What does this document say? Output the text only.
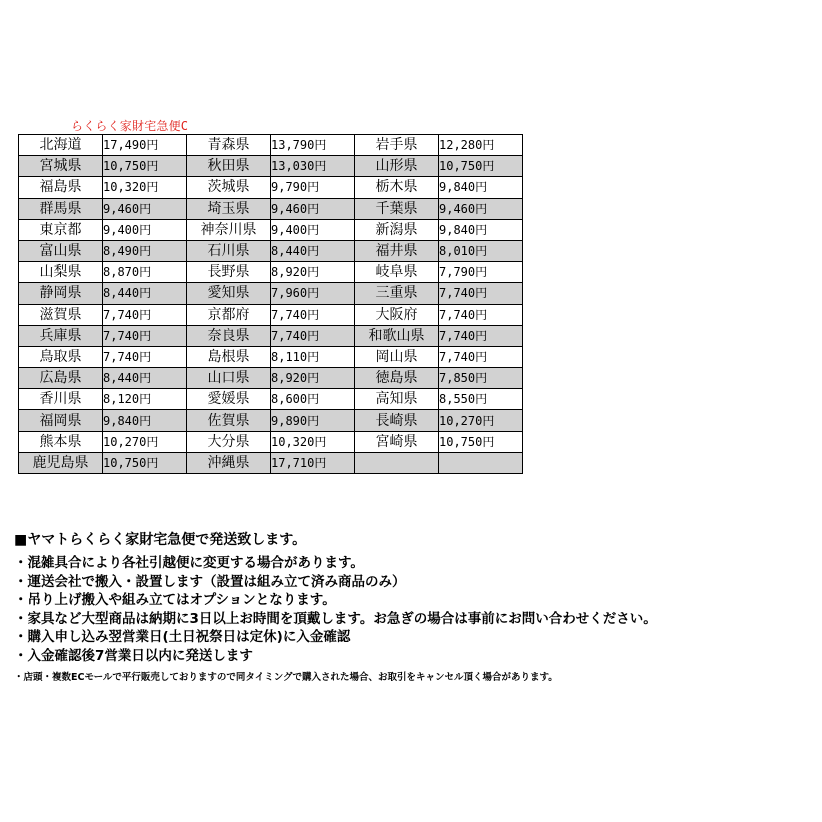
らくらく家財宅急便C
北海道	17,490円	青森県	13,790円	岩手県	12,280円
宮城県	10,750円	秋田県	13,030円	山形県	10,750円
福島県	10,320円	茨城県	9,790円	栃木県	9,840円
群馬県	9,460円	埼玉県	9,460円	千葉県	9,460円
東京都	9,400円	神奈川県	9,400円	新潟県	9,840円
富山県	8,490円	石川県	8,440円	福井県	8,010円
山梨県	8,870円	長野県	8,920円	岐阜県	7,790円
静岡県	8,440円	愛知県	7,960円	三重県	7,740円
滋賀県	7,740円	京都府	7,740円	大阪府	7,740円
兵庫県	7,740円	奈良県	7,740円	和歌山県	7,740円
鳥取県	7,740円	島根県	8,110円	岡山県	7,740円
広島県	8,440円	山口県	8,920円	徳島県	7,850円
香川県	8,120円	愛媛県	8,600円	高知県	8,550円
福岡県	9,840円	佐賀県	9,890円	長崎県	10,270円
熊本県	10,270円	大分県	10,320円	宮崎県	10,750円
鹿児島県	10,750円	沖縄県	17,710円		
■ヤマトらくらく家財宅急便で発送致します。
・混雑具合により各社引越便に変更する場合があります。
・運送会社で搬入・設置します（設置は組み立て済み商品のみ）
・吊り上げ搬入や組み立てはオプションとなります。
・家具など大型商品は納期に3日以上お時間を頂戴します。お急ぎの場合は事前にお問い合わせください。
・購入申し込み翌営業日(土日祝祭日は定休)に入金確認
・入金確認後7営業日以内に発送します
・店頭・複数ECモールで平行販売しておりますので同タイミングで購入された場合、お取引をキャンセル頂く場合があります。
